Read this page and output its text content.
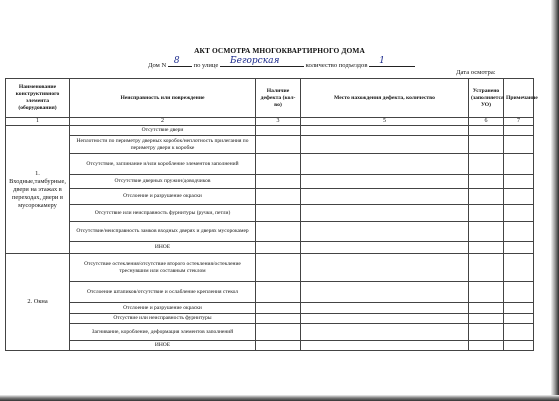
АКТ ОСМОТРА МНОГОКВАРТИРНОГО ДОМА
Дом N 8 по улице Бегорская	количество подъездов 1
Дата осмотра:
Наименование конструктивного элемента (оборудования)	Неисправность или повреждение	Наличие дефекта (кол-во)	Место нахождения дефекта, количество	Устранено (заполняется УО)	Примечание
1	2	3	5	6	7
1. Входные,тамбурные, двери на этажах в переходах, двери в мусорокамеру	Отсутствие двери				
	Неплотности по периметру дверных коробок/неплотность прилегания по периметру двери к коробке				
	Отсутствие, заглинание и/или коробление элементов заполнений				
	Отсутствие дверных пружин/доводчиков				
	Отслоение и разрушение окраски				
	Отсутствие или неисправность фурнитуры (ручки, петли)				
	Отсутствие/неисправность замков входных дверях и дверях мусорокамер				
	ИНОЕ				
2. Окна	Отсутствие остекления/отсутствие второго остекления/остекление треснувшим или составным стеклом				
	Отслоение штапиков/отсутствие и ослабление крепления стекол				
	Отслоение и разрушение окраски				
	Отсуствие или неисправность фурнитуры				
	Загнивание, коробление, деформация элементов заполнений				
	ИНОЕ				
